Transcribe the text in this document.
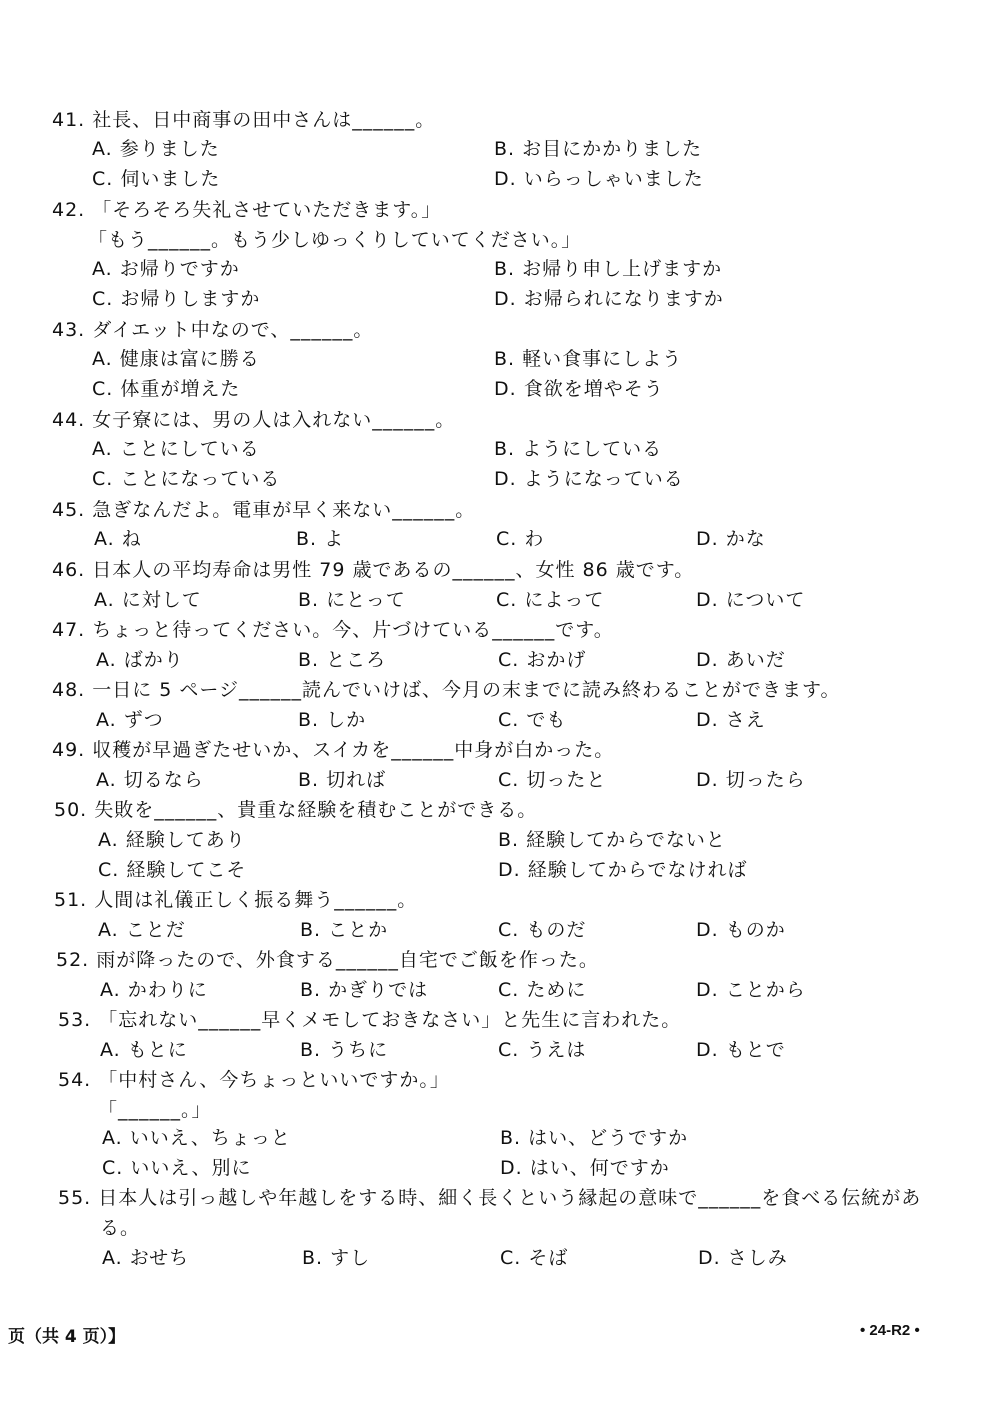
41. 社長、日中商事の田中さんは______。
A. 参りました	B. お目にかかりました
C. 伺いました	D. いらっしゃいました
42. 「そろそろ失礼させていただきます。」
「もう______。もう少しゆっくりしていてください。」
A. お帰りですか	B. お帰り申し上げますか
C. お帰りしますか	D. お帰られになりますか
43. ダイエット中なので、______。
A. 健康は富に勝る	B. 軽い食事にしよう
C. 体重が増えた	D. 食欲を増やそう
44. 女子寮には、男の人は入れない______。
A. ことにしている	B. ようにしている
C. ことになっている	D. ようになっている
45. 急ぎなんだよ。電車が早く来ない______。
A. ね	B. よ	C. わ	D. かな
46. 日本人の平均寿命は男性 79 歳であるの______、女性 86 歳です。
A. に対して	B. にとって	C. によって	D. について
47. ちょっと待ってください。今、片づけている______です。
A. ばかり	B. ところ	C. おかげ	D. あいだ
48. 一日に 5 ページ______読んでいけば、今月の末までに読み終わることができます。
A. ずつ	B. しか	C. でも	D. さえ
49. 収穫が早過ぎたせいか、スイカを______中身が白かった。
A. 切るなら	B. 切れば	C. 切ったと	D. 切ったら
50. 失敗を______、貴重な経験を積むことができる。
A. 経験してあり	B. 経験してからでないと
C. 経験してこそ	D. 経験してからでなければ
51. 人間は礼儀正しく振る舞う______。
A. ことだ	B. ことか	C. ものだ	D. ものか
52. 雨が降ったので、外食する______自宅でご飯を作った。
A. かわりに	B. かぎりでは	C. ために	D. ことから
53. 「忘れない______早くメモしておきなさい」と先生に言われた。
A. もとに	B. うちに	C. うえは	D. もとで
54. 「中村さん、今ちょっといいですか。」
「______。」
A. いいえ、ちょっと	B. はい、どうですか
C. いいえ、別に	D. はい、何ですか
55. 日本人は引っ越しや年越しをする時、細く長くという縁起の意味で______を食べる伝統があ
る。
A. おせち	B. すし	C. そば	D. さしみ
页（共 4 页）】	• 24-R2 •
